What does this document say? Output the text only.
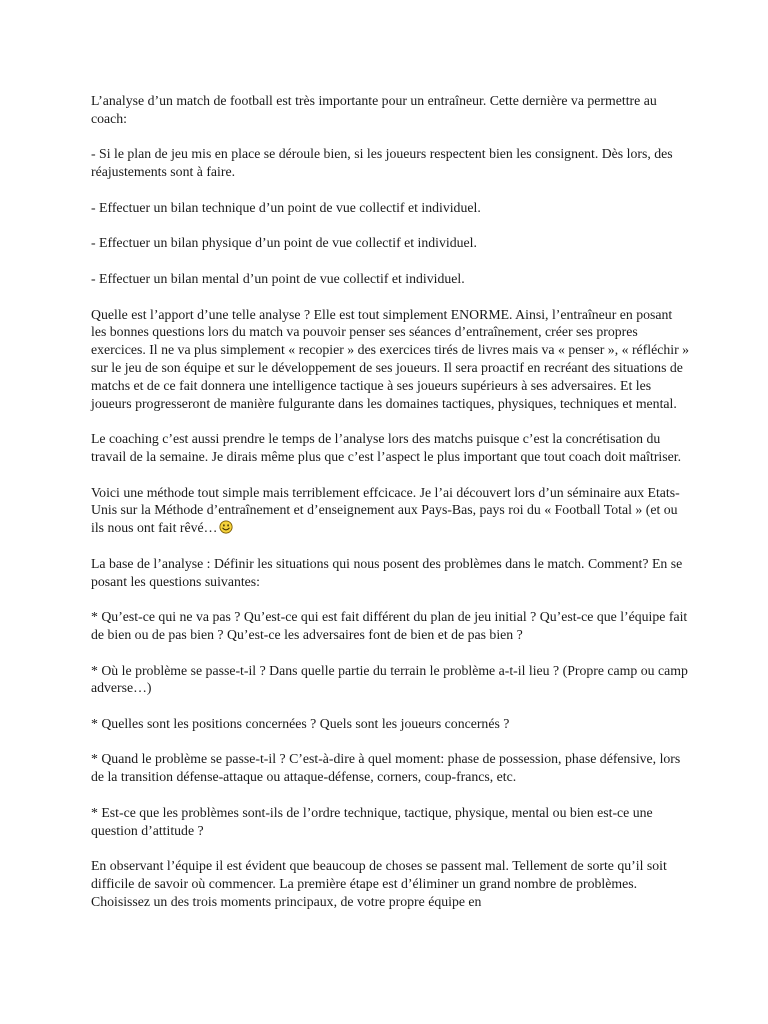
L’analyse d’un match de football est très importante pour un entraîneur. Cette dernière va permettre au coach:

- Si le plan de jeu mis en place se déroule bien, si les joueurs respectent bien les consignent. Dès lors, des réajustements sont à faire.

- Effectuer un bilan technique d’un point de vue collectif et individuel.

- Effectuer un bilan physique d’un point de vue collectif et individuel.

- Effectuer un bilan mental d’un point de vue collectif et individuel.

Quelle est l’apport d’une telle analyse ? Elle est tout simplement ENORME. Ainsi, l’entraîneur en posant les bonnes questions lors du match va pouvoir penser ses séances d’entraînement, créer ses propres exercices. Il ne va plus simplement « recopier » des exercices tirés de livres mais va « penser », « réfléchir » sur le jeu de son équipe et sur le développement de ses joueurs. Il sera proactif en recréant des situations de matchs et de ce fait donnera une intelligence tactique à ses joueurs supérieurs à ses adversaires. Et les joueurs progresseront de manière fulgurante dans les domaines tactiques, physiques, techniques et mental.

Le coaching c’est aussi prendre le temps de l’analyse lors des matchs puisque c’est la concrétisation du travail de la semaine. Je dirais même plus que c’est l’aspect le plus important que tout coach doit maîtriser.

Voici une méthode tout simple mais terriblement effcicace. Je l’ai découvert lors d’un séminaire aux Etats-Unis sur la Méthode d’entraînement et d’enseignement aux Pays-Bas, pays roi du « Football Total » (et ou ils nous ont fait rêvé…

La base de l’analyse : Définir les situations qui nous posent des problèmes dans le match. Comment? En se posant les questions suivantes:

* Qu’est-ce qui ne va pas ? Qu’est-ce qui est fait différent du plan de jeu initial ? Qu’est-ce que l’équipe fait de bien ou de pas bien ? Qu’est-ce les adversaires font de bien et de pas bien ?

* Où le problème se passe-t-il ? Dans quelle partie du terrain le problème a-t-il lieu ? (Propre camp ou camp adverse…)

* Quelles sont les positions concernées ? Quels sont les joueurs concernés ?

* Quand le problème se passe-t-il ? C’est-à-dire à quel moment: phase de possession, phase défensive, lors de la transition défense-attaque ou attaque-défense, corners, coup-francs, etc.

* Est-ce que les problèmes sont-ils de l’ordre technique, tactique, physique, mental ou bien est-ce une question d’attitude ?

En observant l’équipe il est évident que beaucoup de choses se passent mal. Tellement de sorte qu’il soit difficile de savoir où commencer. La première étape est d’éliminer un grand nombre de problèmes. Choisissez un des trois moments principaux, de votre propre équipe en
